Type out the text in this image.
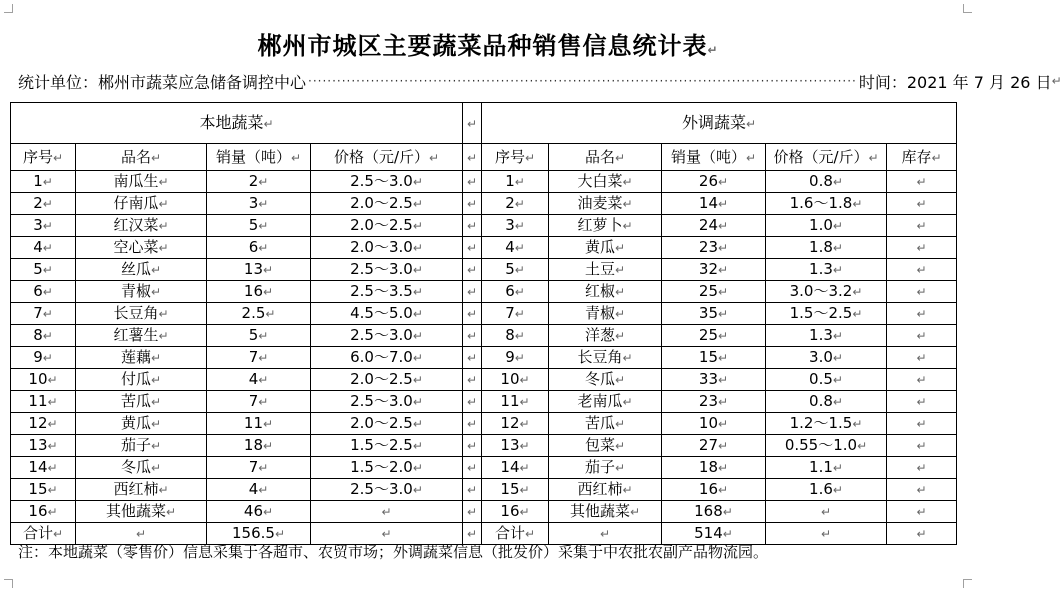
郴州市城区主要蔬菜品种销售信息统计表↵
统计单位：郴州市蔬菜应急储备调控中心 ·················································································································· 时间：2021 年 7 月 26 日 ↵
本地蔬菜↵				↵	外调蔬菜↵				
序号↵	品名↵	销量（吨）↵	价格（元/斤）↵	↵	序号↵	品名↵	销量（吨）↵	价格（元/斤）↵	库存↵
1↵	南瓜生↵	2↵	2.5～3.0↵	↵	1↵	大白菜↵	26↵	0.8↵	↵
2↵	仔南瓜↵	3↵	2.0～2.5↵	↵	2↵	油麦菜↵	14↵	1.6～1.8↵	↵
3↵	红汉菜↵	5↵	2.0～2.5↵	↵	3↵	红萝卜↵	24↵	1.0↵	↵
4↵	空心菜↵	6↵	2.0～3.0↵	↵	4↵	黄瓜↵	23↵	1.8↵	↵
5↵	丝瓜↵	13↵	2.5～3.0↵	↵	5↵	土豆↵	32↵	1.3↵	↵
6↵	青椒↵	16↵	2.5～3.5↵	↵	6↵	红椒↵	25↵	3.0～3.2↵	↵
7↵	长豆角↵	2.5↵	4.5～5.0↵	↵	7↵	青椒↵	35↵	1.5～2.5↵	↵
8↵	红薯生↵	5↵	2.5～3.0↵	↵	8↵	洋葱↵	25↵	1.3↵	↵
9↵	莲藕↵	7↵	6.0～7.0↵	↵	9↵	长豆角↵	15↵	3.0↵	↵
10↵	付瓜↵	4↵	2.0～2.5↵	↵	10↵	冬瓜↵	33↵	0.5↵	↵
11↵	苦瓜↵	7↵	2.5～3.0↵	↵	11↵	老南瓜↵	23↵	0.8↵	↵
12↵	黄瓜↵	11↵	2.0～2.5↵	↵	12↵	苦瓜↵	10↵	1.2～1.5↵	↵
13↵	茄子↵	18↵	1.5～2.5↵	↵	13↵	包菜↵	27↵	0.55～1.0↵	↵
14↵	冬瓜↵	7↵	1.5～2.0↵	↵	14↵	茄子↵	18↵	1.1↵	↵
15↵	西红柿↵	4↵	2.5～3.0↵	↵	15↵	西红柿↵	16↵	1.6↵	↵
16↵	其他蔬菜↵	46↵	↵	↵	16↵	其他蔬菜↵	168↵	↵	↵
合计↵	↵	156.5↵	↵	↵	合计↵	↵	514↵	↵	↵
注：本地蔬菜（零售价）信息采集于各超市、农贸市场；外调蔬菜信息（批发价）采集于中农批农副产品物流园。
